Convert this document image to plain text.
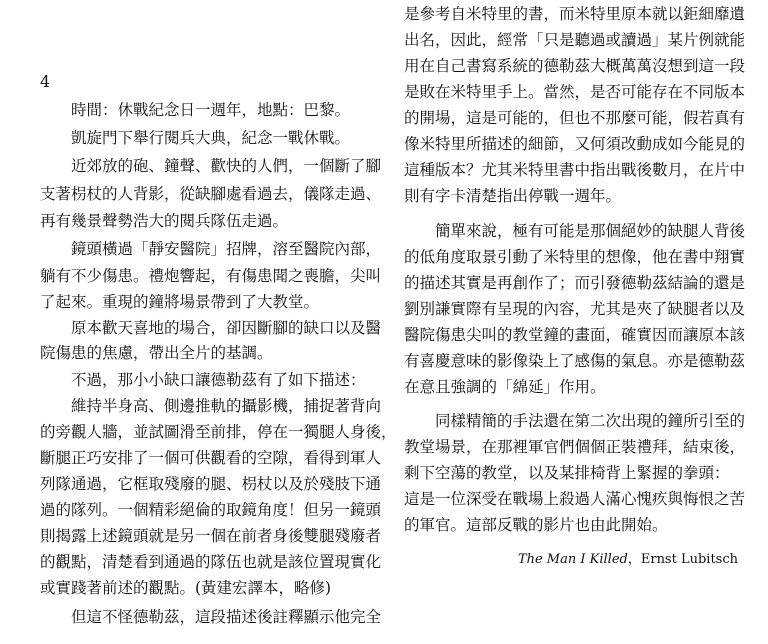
4
時間：休戰紀念日一週年，地點：巴黎。
凱旋門下舉行閱兵大典，紀念一戰休戰。
近郊放的砲、鐘聲、歡快的人們，一個斷了腳
支著枴杖的人背影，從缺腳處看過去，儀隊走過、
再有幾景聲勢浩大的閱兵隊伍走過。
鏡頭橫過「靜安醫院」招牌，溶至醫院內部，
躺有不少傷患。禮炮響起，有傷患聞之喪膽，尖叫
了起來。重現的鐘將場景帶到了大教堂。
原本歡天喜地的場合，卻因斷腳的缺口以及醫
院傷患的焦慮，帶出全片的基調。
不過，那小小缺口讓德勒茲有了如下描述：
維持半身高、側邊推軌的攝影機，捕捉著背向
的旁觀人牆，並試圖滑至前排，停在一獨腿人身後，
斷腿正巧安排了一個可供觀看的空隙，看得到軍人
列隊通過，它框取殘廢的腿、枴杖以及於殘肢下通
過的隊列。一個精彩絕倫的取鏡角度！但另一鏡頭
則揭露上述鏡頭就是另一個在前者身後雙腿殘廢者
的觀點，清楚看到通過的隊伍也就是該位置現實化
或實踐著前述的觀點。(黃建宏譯本，略修)
但這不怪德勒茲，這段描述後註釋顯示他完全
是參考自米特里的書，而米特里原本就以鉅細靡遺
出名，因此，經常「只是聽過或讀過」某片例就能
用在自己書寫系統的德勒茲大概萬萬沒想到這一段
是敗在米特里手上。當然，是否可能存在不同版本
的開場，這是可能的，但也不那麼可能，假若真有
像米特里所描述的細節，又何須改動成如今能見的
這種版本？尤其米特里書中指出戰後數月，在片中
則有字卡清楚指出停戰一週年。
簡單來說，極有可能是那個絕妙的缺腿人背後
的低角度取景引動了米特里的想像，他在書中翔實
的描述其實是再創作了；而引發德勒茲結論的還是
劉別謙實際有呈現的內容，尤其是夾了缺腿者以及
醫院傷患尖叫的教堂鐘的畫面，確實因而讓原本該
有喜慶意味的影像染上了感傷的氣息。亦是德勒茲
在意且強調的「綿延」作用。
同樣精簡的手法還在第二次出現的鐘所引至的
教堂場景，在那裡軍官們個個正裝禮拜，結束後，
剩下空蕩的教堂，以及某排椅背上緊握的拳頭：
這是一位深受在戰場上殺過人滿心愧疚與悔恨之苦
的軍官。這部反戰的影片也由此開始。
The Man I Killed，Ernst Lubitsch
